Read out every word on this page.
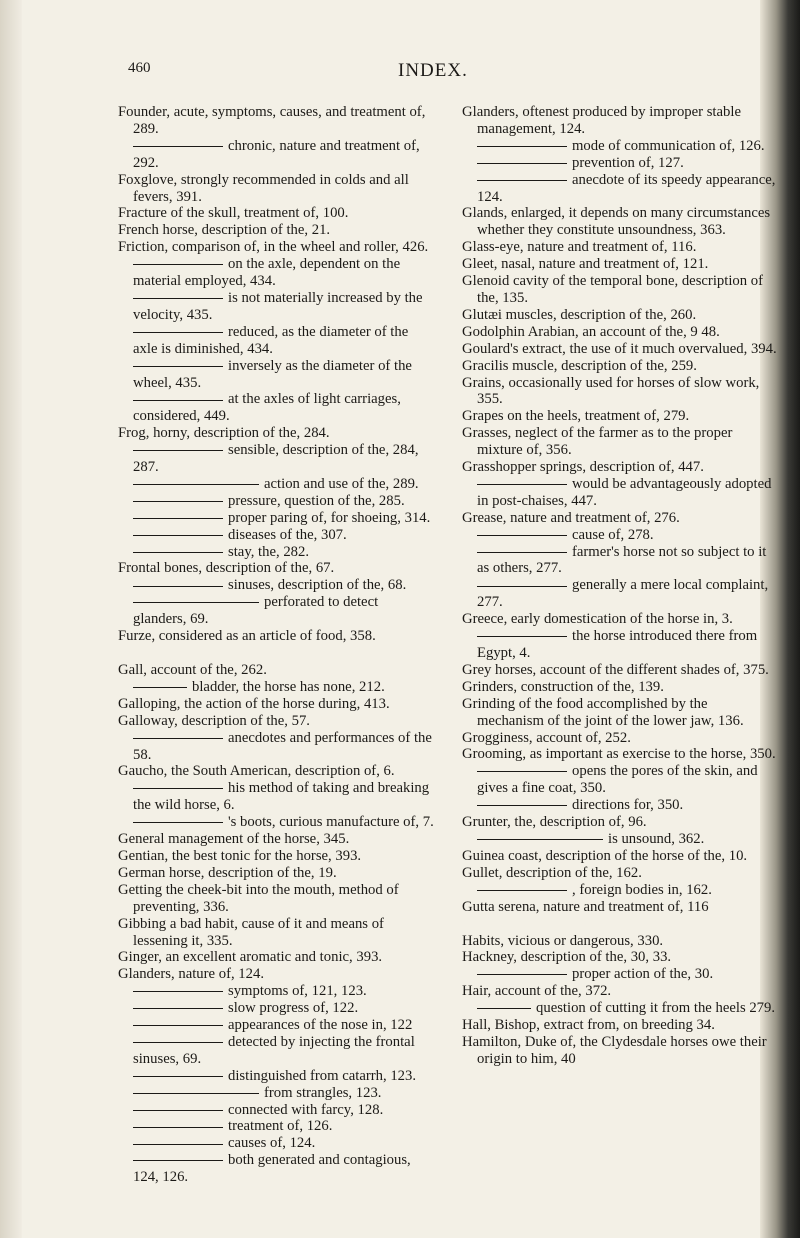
460	INDEX.

Founder, acute, symptoms, causes, and treatment of, 289.

chronic, nature and treatment of, 292.

Foxglove, strongly recommended in colds and all fevers, 391.

Fracture of the skull, treatment of, 100.

French horse, description of the, 21.

Friction, comparison of, in the wheel and roller, 426.

on the axle, dependent on the material employed, 434.

is not materially increased by the velocity, 435.

reduced, as the diameter of the axle is diminished, 434.

inversely as the diameter of the wheel, 435.

at the axles of light carriages, considered, 449.

Frog, horny, description of the, 284.

sensible, description of the, 284, 287.

action and use of the, 289.

pressure, question of the, 285.

proper paring of, for shoeing, 314.

diseases of the, 307.

stay, the, 282.

Frontal bones, description of the, 67.

sinuses, description of the, 68.

perforated to detect glanders, 69.

Furze, considered as an article of food, 358.

Gall, account of the, 262.

bladder, the horse has none, 212.

Galloping, the action of the horse during, 413.

Galloway, description of the, 57.

anecdotes and performances of the 58.

Gaucho, the South American, description of, 6.

his method of taking and breaking the wild horse, 6.

's boots, curious manufacture of, 7.

General management of the horse, 345.

Gentian, the best tonic for the horse, 393.

German horse, description of the, 19.

Getting the cheek-bit into the mouth, method of preventing, 336.

Gibbing a bad habit, cause of it and means of lessening it, 335.

Ginger, an excellent aromatic and tonic, 393.

Glanders, nature of, 124.

symptoms of, 121, 123.

slow progress of, 122.

appearances of the nose in, 122

detected by injecting the frontal sinuses, 69.

distinguished from catarrh, 123.

from strangles, 123.

connected with farcy, 128.

treatment of, 126.

causes of, 124.

both generated and contagious, 124, 126.

Glanders, oftenest produced by improper stable management, 124.

mode of communication of, 126.

prevention of, 127.

anecdote of its speedy appearance, 124.

Glands, enlarged, it depends on many circumstances whether they constitute unsoundness, 363.

Glass-eye, nature and treatment of, 116.

Gleet, nasal, nature and treatment of, 121.

Glenoid cavity of the temporal bone, description of the, 135.

Glutæi muscles, description of the, 260.

Godolphin Arabian, an account of the, 9 48.

Goulard's extract, the use of it much overvalued, 394.

Gracilis muscle, description of the, 259.

Grains, occasionally used for horses of slow work, 355.

Grapes on the heels, treatment of, 279.

Grasses, neglect of the farmer as to the proper mixture of, 356.

Grasshopper springs, description of, 447.

would be advantageously adopted in post-chaises, 447.

Grease, nature and treatment of, 276.

cause of, 278.

farmer's horse not so subject to it as others, 277.

generally a mere local complaint, 277.

Greece, early domestication of the horse in, 3.

the horse introduced there from Egypt, 4.

Grey horses, account of the different shades of, 375.

Grinders, construction of the, 139.

Grinding of the food accomplished by the mechanism of the joint of the lower jaw, 136.

Grogginess, account of, 252.

Grooming, as important as exercise to the horse, 350.

opens the pores of the skin, and gives a fine coat, 350.

directions for, 350.

Grunter, the, description of, 96.

is unsound, 362.

Guinea coast, description of the horse of the, 10.

Gullet, description of the, 162.

, foreign bodies in, 162.

Gutta serena, nature and treatment of, 116

Habits, vicious or dangerous, 330.

Hackney, description of the, 30, 33.

proper action of the, 30.

Hair, account of the, 372.

question of cutting it from the heels 279.

Hall, Bishop, extract from, on breeding 34.

Hamilton, Duke of, the Clydesdale horses owe their origin to him, 40
